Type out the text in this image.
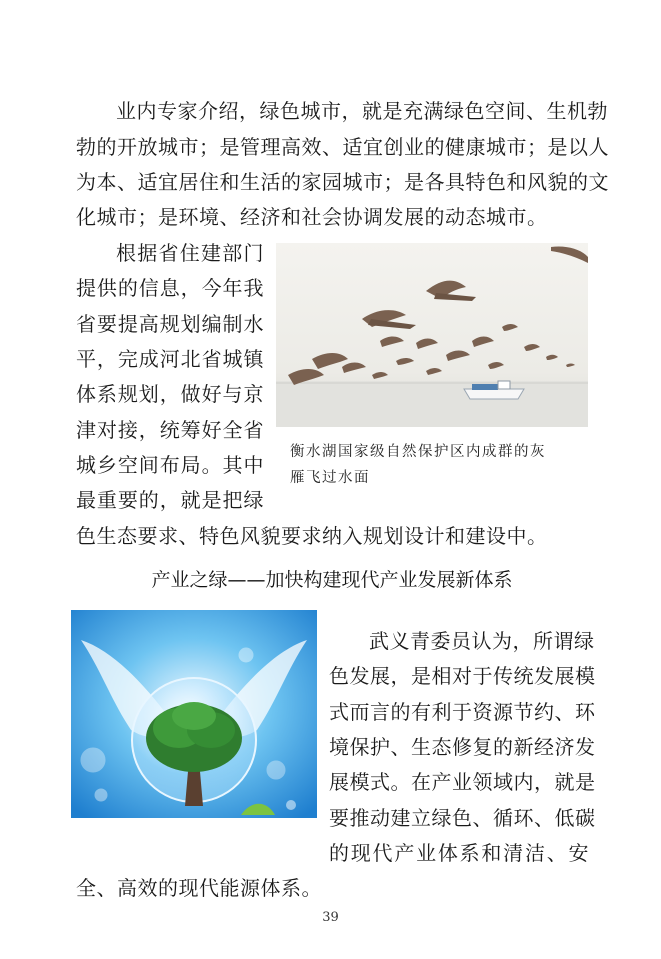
业内专家介绍，绿色城市，就是充满绿色空间、生机勃
勃的开放城市；是管理高效、适宜创业的健康城市；是以人
为本、适宜居住和生活的家园城市；是各具特色和风貌的文
化城市；是环境、经济和社会协调发展的动态城市。
根据省住建部门
提供的信息，今年我
省要提高规划编制水
平，完成河北省城镇
体系规划，做好与京
津对接，统筹好全省
城乡空间布局。其中
最重要的，就是把绿
色生态要求、特色风貌要求纳入规划设计和建设中。
衡水湖国家级自然保护区内成群的灰
雁飞过水面
产业之绿——加快构建现代产业发展新体系
武义青委员认为，所谓绿
色发展，是相对于传统发展模
式而言的有利于资源节约、环
境保护、生态修复的新经济发
展模式。在产业领域内，就是
要推动建立绿色、循环、低碳
的现代产业体系和清洁、安
全、高效的现代能源体系。
39
